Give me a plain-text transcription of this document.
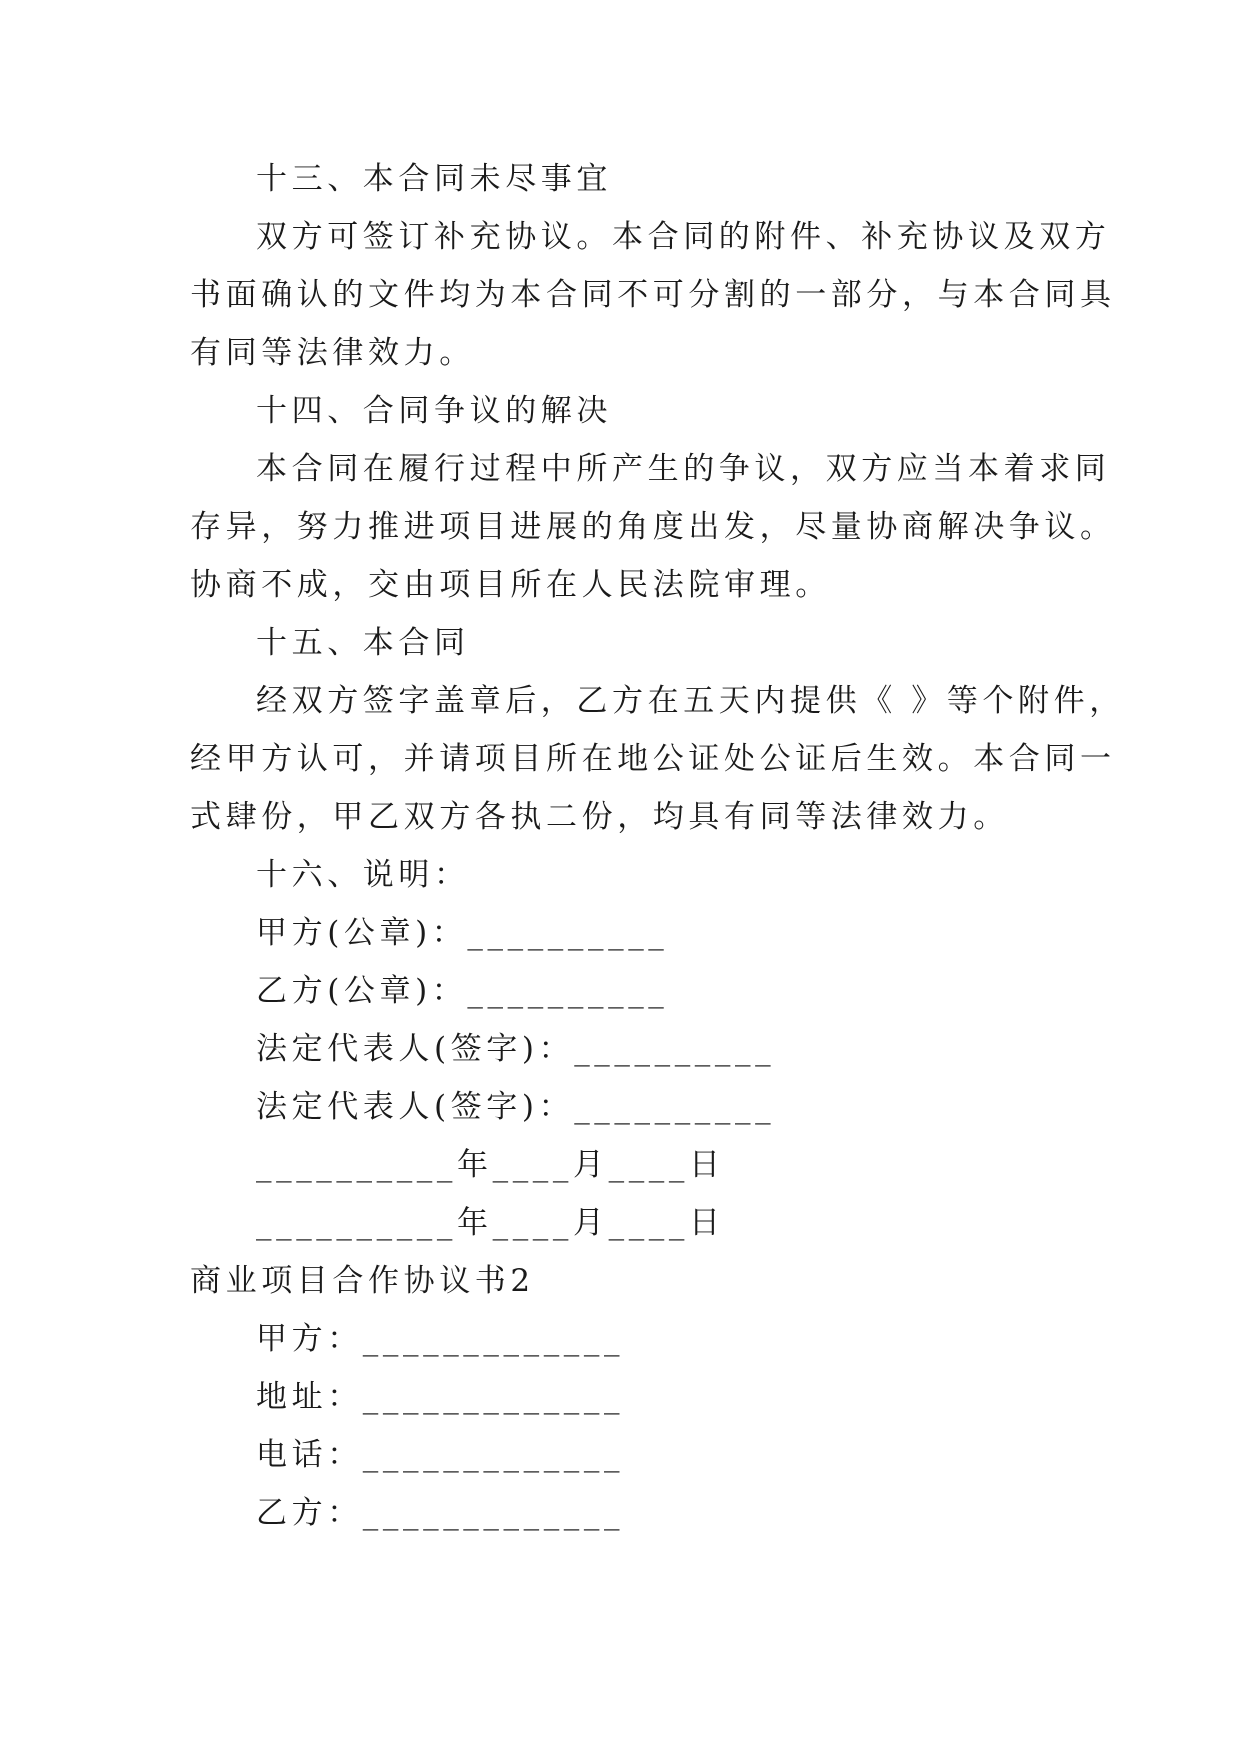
十三、本合同未尽事宜
双方可签订补充协议。本合同的附件、补充协议及双方
书面确认的文件均为本合同不可分割的一部分，与本合同具
有同等法律效力。
十四、合同争议的解决
本合同在履行过程中所产生的争议，双方应当本着求同
存异，努力推进项目进展的角度出发，尽量协商解决争议。
协商不成，交由项目所在人民法院审理。
十五、本合同
经双方签字盖章后，乙方在五天内提供《 》等个附件，
经甲方认可，并请项目所在地公证处公证后生效。本合同一
式肆份，甲乙双方各执二份，均具有同等法律效力。
十六、说明：
甲方(公章)：__________
乙方(公章)：__________
法定代表人(签字)：__________
法定代表人(签字)：__________
__________年____月____日
__________年____月____日
商业项目合作协议书2
甲方：_____________
地址：_____________
电话：_____________
乙方：_____________
